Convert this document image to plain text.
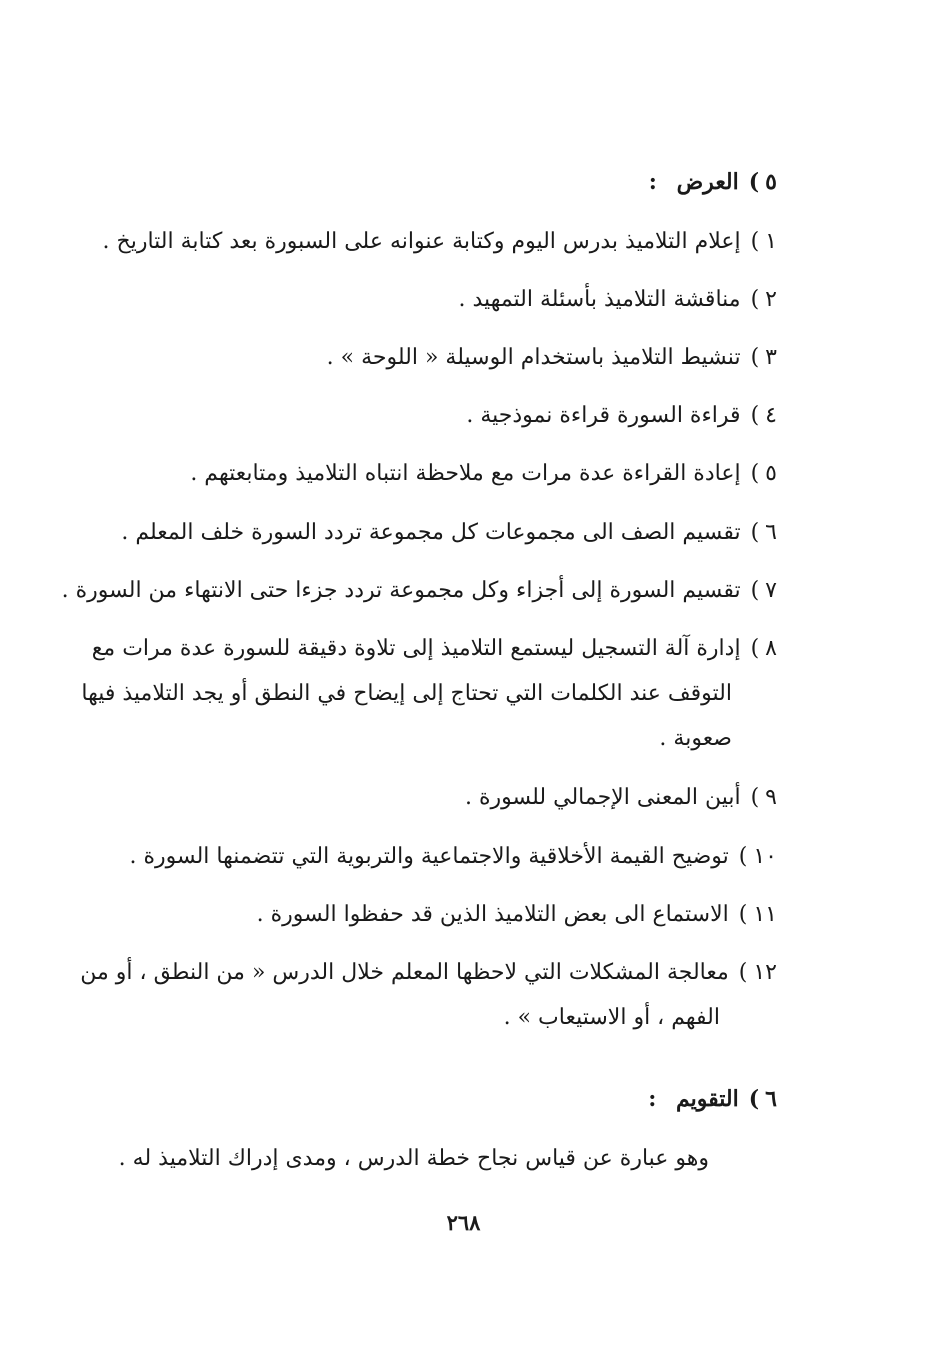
٥)العرض :
١)إعلام التلاميذ بدرس اليوم وكتابة عنوانه على السبورة بعد كتابة التاريخ .
٢)مناقشة التلاميذ بأسئلة التمهيد .
٣)تنشيط التلاميذ باستخدام الوسيلة « اللوحة » .
٤)قراءة السورة قراءة نموذجية .
٥)إعادة القراءة عدة مرات مع ملاحظة انتباه التلاميذ ومتابعتهم .
٦)تقسيم الصف الى مجموعات كل مجموعة تردد السورة خلف المعلم .
٧)تقسيم السورة إلى أجزاء وكل مجموعة تردد جزءا حتى الانتهاء من السورة .
٨)إدارة آلة التسجيل ليستمع التلاميذ إلى تلاوة دقيقة للسورة عدة مرات مع
التوقف عند الكلمات التي تحتاج إلى إيضاح في النطق أو يجد التلاميذ فيها
صعوبة .
٩)أبين المعنى الإجمالي للسورة .
١٠)توضيح القيمة الأخلاقية والاجتماعية والتربوية التي تتضمنها السورة .
١١)الاستماع الى بعض التلاميذ الذين قد حفظوا السورة .
١٢)معالجة المشكلات التي لاحظها المعلم خلال الدرس « من النطق ، أو من
الفهم ، أو الاستيعاب » .
٦)التقويم :
وهو عبارة عن قياس نجاح خطة الدرس ، ومدى إدراك التلاميذ له .
٢٦٨
